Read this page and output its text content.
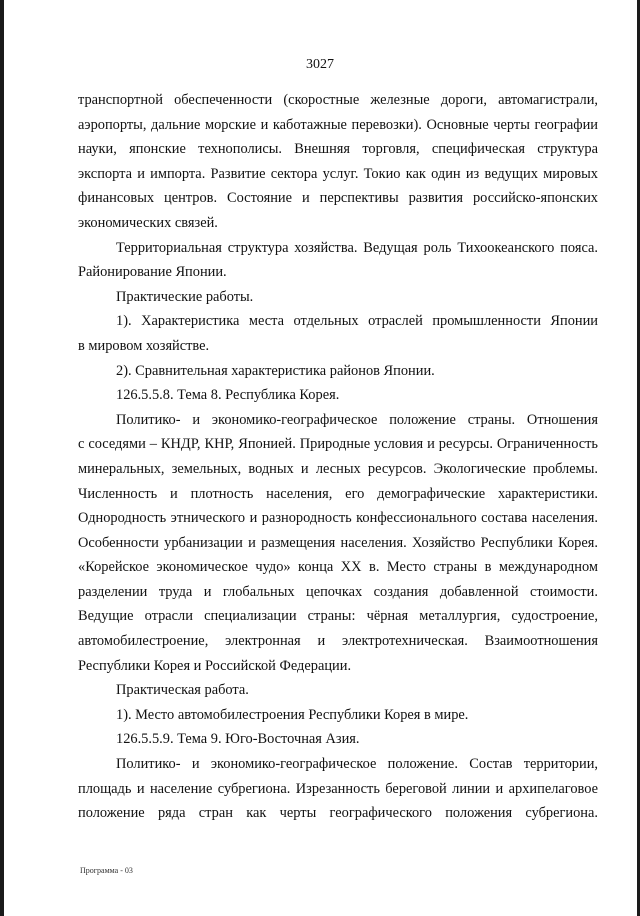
3027
транспортной обеспеченности (скоростные железные дороги, автомагистрали,
аэропорты, дальние морские и каботажные перевозки). Основные черты географии
науки, японские технополисы. Внешняя торговля, специфическая структура
экспорта и импорта. Развитие сектора услуг. Токио как один из ведущих мировых
финансовых центров. Состояние и перспективы развития российско-японских
экономических связей.
Территориальная структура хозяйства. Ведущая роль Тихоокеанского пояса.
Районирование Японии.
Практические работы.
1). Характеристика места отдельных отраслей промышленности Японии
в мировом хозяйстве.
2). Сравнительная характеристика районов Японии.
126.5.5.8. Тема 8. Республика Корея.
Политико- и экономико-географическое положение страны. Отношения
с соседями – КНДР, КНР, Японией. Природные условия и ресурсы. Ограниченность
минеральных, земельных, водных и лесных ресурсов. Экологические проблемы.
Численность и плотность населения, его демографические характеристики.
Однородность этнического и разнородность конфессионального состава населения.
Особенности урбанизации и размещения населения. Хозяйство Республики Корея.
«Корейское экономическое чудо» конца XX в. Место страны в международном
разделении труда и глобальных цепочках создания добавленной стоимости.
Ведущие отрасли специализации страны: чёрная металлургия, судостроение,
автомобилестроение, электронная и электротехническая. Взаимоотношения
Республики Корея и Российской Федерации.
Практическая работа.
1). Место автомобилестроения Республики Корея в мире.
126.5.5.9. Тема 9. Юго-Восточная Азия.
Политико- и экономико-географическое положение. Состав территории,
площадь и население субрегиона. Изрезанность береговой линии и архипелаговое
положение ряда стран как черты географического положения субрегиона.
Программа - 03
